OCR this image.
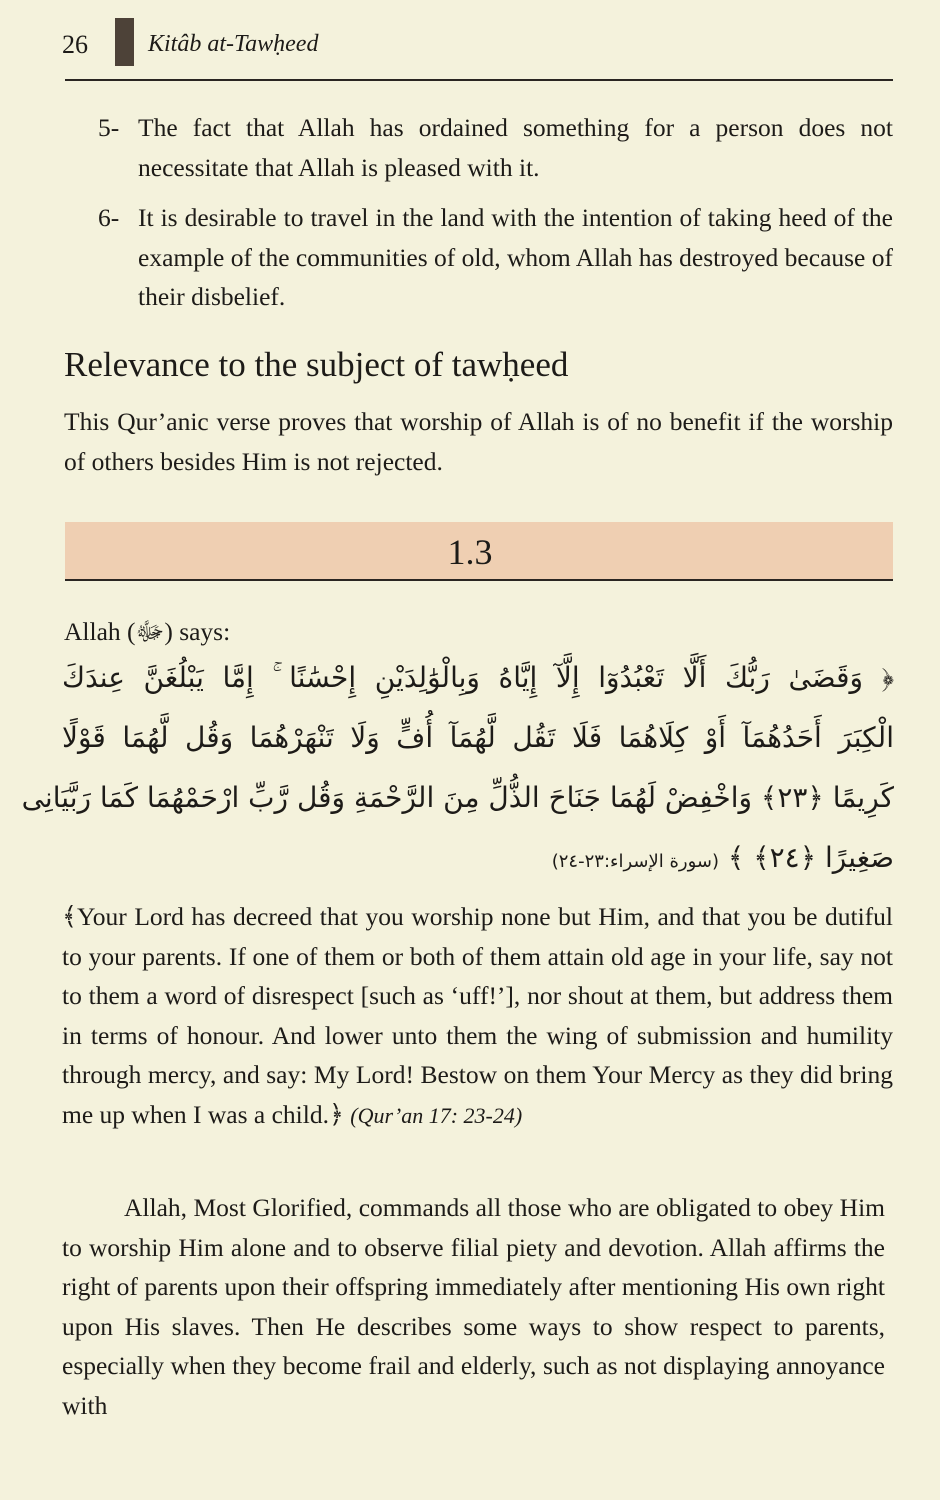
26	Kitâb at-Tawḥeed
5- The fact that Allah has ordained something for a person does not necessitate that Allah is pleased with it.
6- It is desirable to travel in the land with the intention of taking heed of the example of the communities of old, whom Allah has destroyed because of their disbelief.
Relevance to the subject of tawḥeed
This Qur’anic verse proves that worship of Allah is of no benefit if the worship of others besides Him is not rejected.
1.3
Allah (ﷻ) says:
﴿ وَقَضَىٰ رَبُّكَ أَلَّا تَعْبُدُوٓا إِلَّآ إِيَّاهُ وَبِالْوَٰلِدَيْنِ إِحْسَٰنًا ۚ إِمَّا يَبْلُغَنَّ عِندَكَ
الْكِبَرَ أَحَدُهُمَآ أَوْ كِلَاهُمَا فَلَا تَقُل لَّهُمَآ أُفٍّ وَلَا تَنْهَرْهُمَا وَقُل لَّهُمَا قَوْلًا
كَرِيمًا ﴿٢٣﴾ وَاخْفِضْ لَهُمَا جَنَاحَ الذُّلِّ مِنَ الرَّحْمَةِ وَقُل رَّبِّ ارْحَمْهُمَا كَمَا رَبَّيَانِى
صَغِيرًا ﴿٢٤﴾ ﴾ (سورة الإسراء:٢٣-٢٤)
﴾Your Lord has decreed that you worship none but Him, and that you be dutiful to your parents. If one of them or both of them attain old age in your life, say not to them a word of disrespect [such as ‘uff!’], nor shout at them, but address them in terms of honour. And lower unto them the wing of submission and humility through mercy, and say: My Lord! Bestow on them Your Mercy as they did bring me up when I was a child.﴿ (Qur’an 17: 23-24)
Allah, Most Glorified, commands all those who are obligated to obey Him to worship Him alone and to observe filial piety and devotion. Allah affirms the right of parents upon their offspring immediately after mentioning His own right upon His slaves. Then He describes some ways to show respect to parents, especially when they become frail and elderly, such as not displaying annoyance with
